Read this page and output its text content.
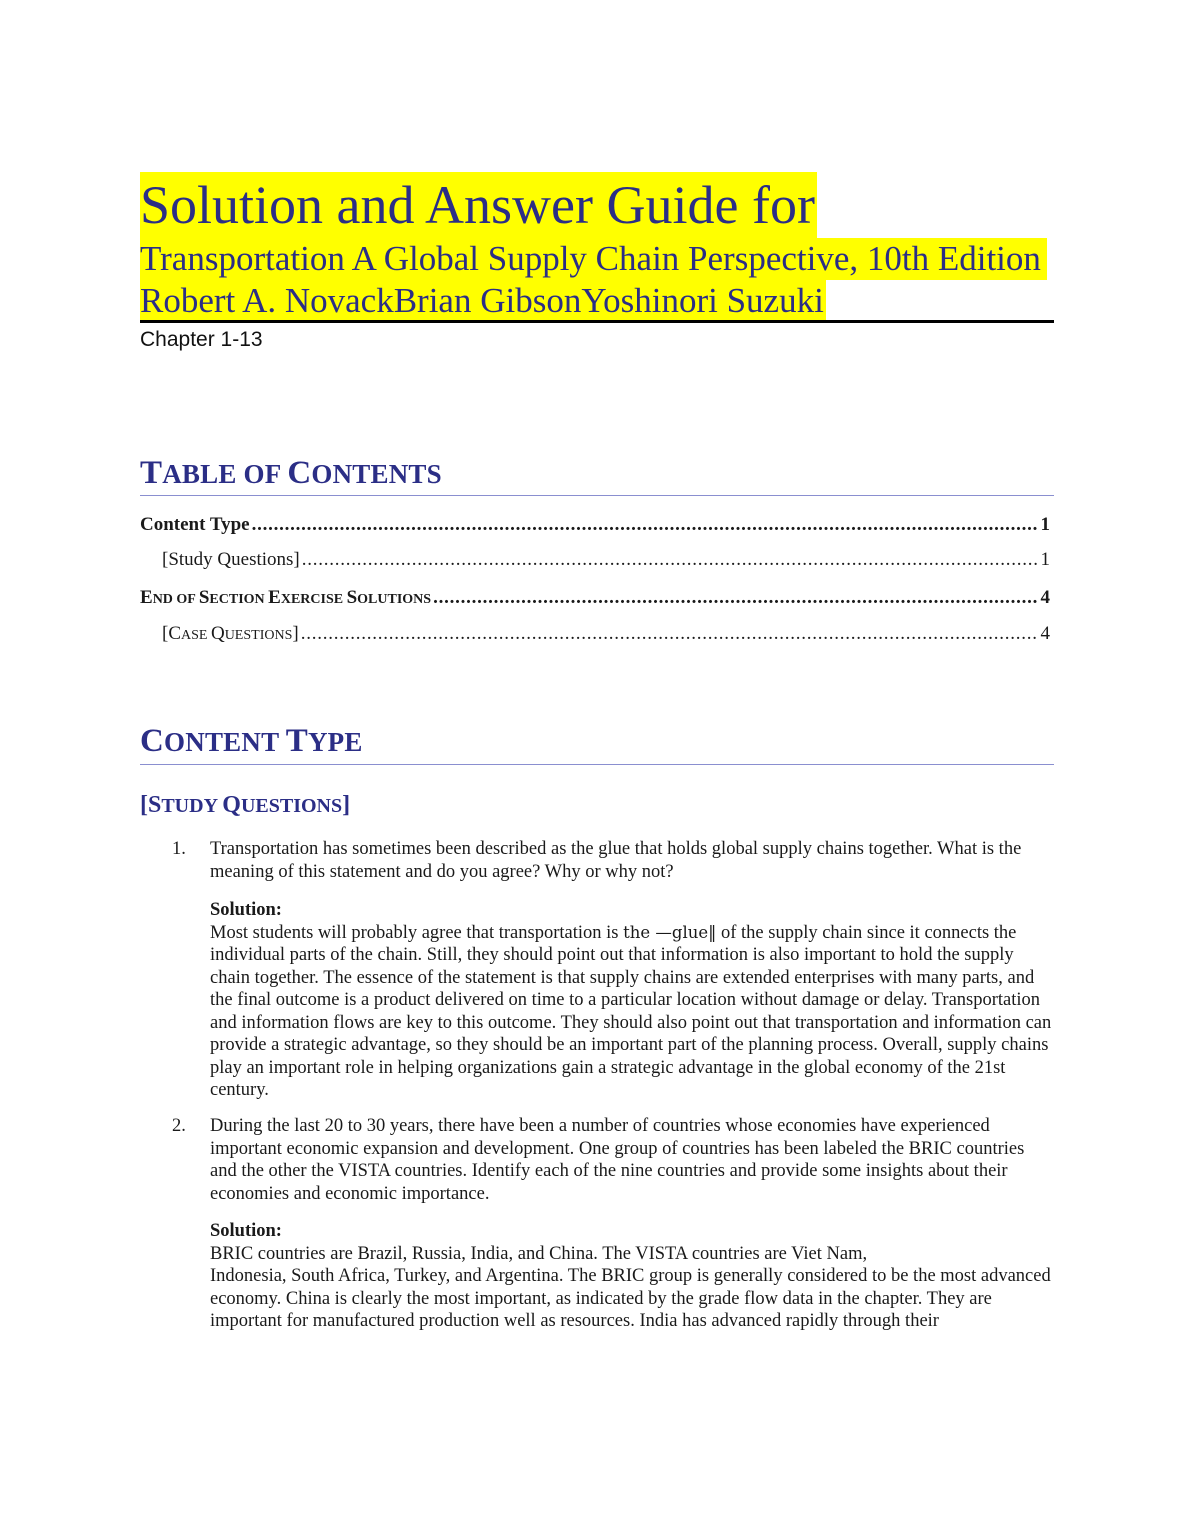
Solution and Answer Guide for
Transportation A Global Supply Chain Perspective, 10th Edition
Robert A. NovackBrian GibsonYoshinori Suzuki
Chapter 1-13
TABLE OF CONTENTS
Content Type . . .	1
[Study Questions] . . .	1
END OF SECTION EXERCISE SOLUTIONS . . .	4
[CASE QUESTIONS] . . .	4
CONTENT TYPE
[STUDY QUESTIONS]
1. Transportation has sometimes been described as the glue that holds global supply chains together. What is the meaning of this statement and do you agree? Why or why not?
Solution:
Most students will probably agree that transportation is the —glue‖ of the supply chain since it connects the individual parts of the chain. Still, they should point out that information is also important to hold the supply chain together. The essence of the statement is that supply chains are extended enterprises with many parts, and the final outcome is a product delivered on time to a particular location without damage or delay. Transportation and information flows are key to this outcome. They should also point out that transportation and information can provide a strategic advantage, so they should be an important part of the planning process. Overall, supply chains play an important role in helping organizations gain a strategic advantage in the global economy of the 21st century.
2. During the last 20 to 30 years, there have been a number of countries whose economies have experienced important economic expansion and development. One group of countries has been labeled the BRIC countries and the other the VISTA countries. Identify each of the nine countries and provide some insights about their economies and economic importance.
Solution:
BRIC countries are Brazil, Russia, India, and China. The VISTA countries are Viet Nam,
Indonesia, South Africa, Turkey, and Argentina. The BRIC group is generally considered to be the most advanced economy. China is clearly the most important, as indicated by the grade flow data in the chapter. They are important for manufactured production well as resources. India has advanced rapidly through their
